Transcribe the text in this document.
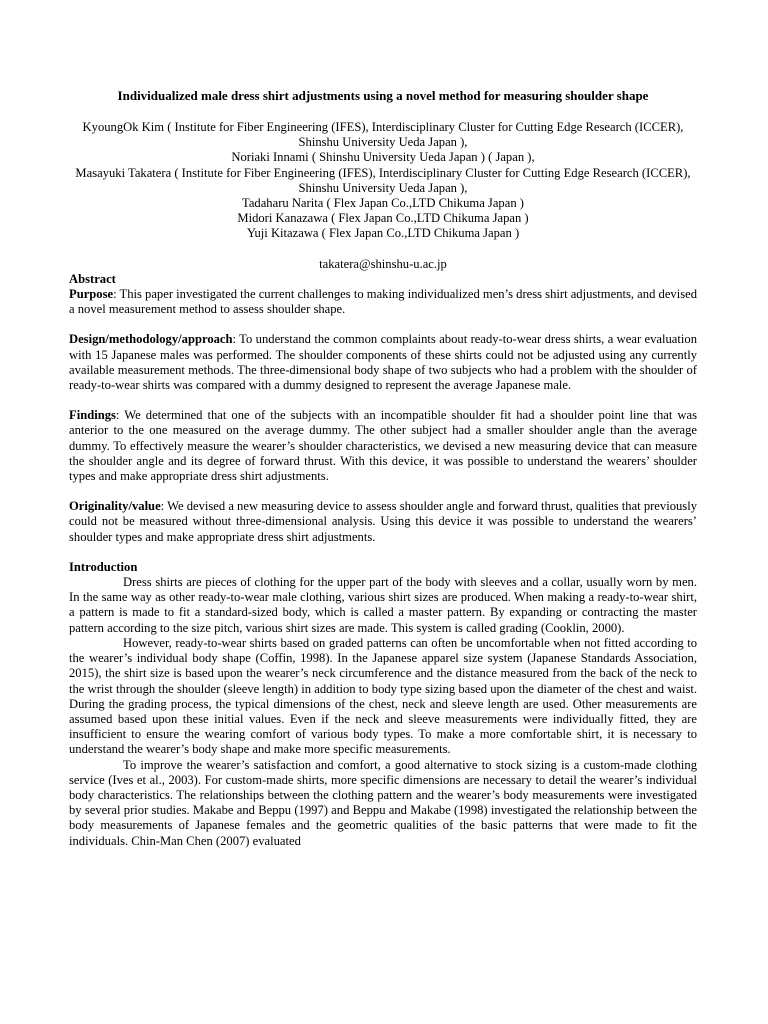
Individualized male dress shirt adjustments using a novel method for measuring shoulder shape
KyoungOk Kim ( Institute for Fiber Engineering (IFES), Interdisciplinary Cluster for Cutting Edge Research (ICCER), Shinshu University Ueda Japan ),
Noriaki Innami ( Shinshu University Ueda Japan ) ( Japan ),
Masayuki Takatera ( Institute for Fiber Engineering (IFES), Interdisciplinary Cluster for Cutting Edge Research (ICCER), Shinshu University Ueda Japan ),
Tadaharu Narita ( Flex Japan Co.,LTD Chikuma Japan )
Midori Kanazawa ( Flex Japan Co.,LTD Chikuma Japan )
Yuji Kitazawa ( Flex Japan Co.,LTD Chikuma Japan )
takatera@shinshu-u.ac.jp
Abstract

Purpose: This paper investigated the current challenges to making individualized men’s dress shirt adjustments, and devised a novel measurement method to assess shoulder shape.

Design/methodology/approach: To understand the common complaints about ready-to-wear dress shirts, a wear evaluation with 15 Japanese males was performed. The shoulder components of these shirts could not be adjusted using any currently available measurement methods. The three-dimensional body shape of two subjects who had a problem with the shoulder of ready-to-wear shirts was compared with a dummy designed to represent the average Japanese male.

Findings: We determined that one of the subjects with an incompatible shoulder fit had a shoulder point line that was anterior to the one measured on the average dummy. The other subject had a smaller shoulder angle than the average dummy. To effectively measure the wearer’s shoulder characteristics, we devised a new measuring device that can measure the shoulder angle and its degree of forward thrust. With this device, it was possible to understand the wearers’ shoulder types and make appropriate dress shirt adjustments.

Originality/value: We devised a new measuring device to assess shoulder angle and forward thrust, qualities that previously could not be measured without three-dimensional analysis. Using this device it was possible to understand the wearers’ shoulder types and make appropriate dress shirt adjustments.

Introduction

Dress shirts are pieces of clothing for the upper part of the body with sleeves and a collar, usually worn by men. In the same way as other ready-to-wear male clothing, various shirt sizes are produced. When making a ready-to-wear shirt, a pattern is made to fit a standard-sized body, which is called a master pattern. By expanding or contracting the master pattern according to the size pitch, various shirt sizes are made. This system is called grading (Cooklin, 2000).

However, ready-to-wear shirts based on graded patterns can often be uncomfortable when not fitted according to the wearer’s individual body shape (Coffin, 1998). In the Japanese apparel size system (Japanese Standards Association, 2015), the shirt size is based upon the wearer’s neck circumference and the distance measured from the back of the neck to the wrist through the shoulder (sleeve length) in addition to body type sizing based upon the diameter of the chest and waist. During the grading process, the typical dimensions of the chest, neck and sleeve length are used. Other measurements are assumed based upon these initial values. Even if the neck and sleeve measurements were individually fitted, they are insufficient to ensure the wearing comfort of various body types. To make a more comfortable shirt, it is necessary to understand the wearer’s body shape and make more specific measurements.

To improve the wearer’s satisfaction and comfort, a good alternative to stock sizing is a custom-made clothing service (Ives et al., 2003). For custom-made shirts, more specific dimensions are necessary to detail the wearer’s individual body characteristics. The relationships between the clothing pattern and the wearer’s body measurements were investigated by several prior studies. Makabe and Beppu (1997) and Beppu and Makabe (1998) investigated the relationship between the body measurements of Japanese females and the geometric qualities of the basic patterns that were made to fit the individuals. Chin-Man Chen (2007) evaluated
